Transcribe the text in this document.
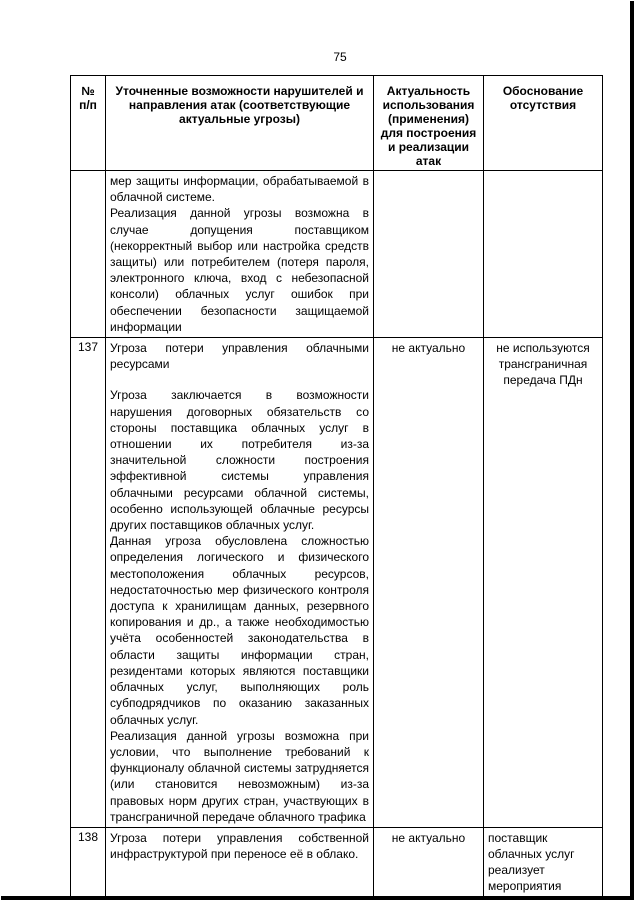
75
№ п/п	Уточненные возможности нарушителей и направления атак (соответствующие актуальные угрозы)	Актуальность использования (применения) для построения и реализации атак	Обоснование отсутствия

	мер защиты информации, обрабатываемой в облачной системе.

Реализация данной угрозы возможна в случае допущения поставщиком (некорректный выбор или настройка средств защиты) или потребителем (потеря пароля, электронного ключа, вход с небезопасной консоли) облачных услуг ошибок при обеспечении безопасности защищаемой информации		

137	Угроза потери управления облачными ресурсами

Угроза заключается в возможности нарушения договорных обязательств со стороны поставщика облачных услуг в отношении их потребителя из-за значительной сложности построения эффективной системы управления облачными ресурсами облачной системы, особенно использующей облачные ресурсы других поставщиков облачных услуг.

Данная угроза обусловлена сложностью определения логического и физического местоположения облачных ресурсов, недостаточностью мер физического контроля доступа к хранилищам данных, резервного копирования и др., а также необходимостью учёта особенностей законодательства в области защиты информации стран, резидентами которых являются поставщики облачных услуг, выполняющих роль субподрядчиков по оказанию заказанных облачных услуг.

Реализация данной угрозы возможна при условии, что выполнение требований к функционалу облачной системы затрудняется (или становится невозможным) из-за правовых норм других стран, участвующих в трансграничной передаче облачного трафика	не актуально	не используются трансграничная передача ПДн
138	Угроза потери управления собственной инфраструктурой при переносе её в облако.	не актуально	поставщик облачных услуг реализует мероприятия
